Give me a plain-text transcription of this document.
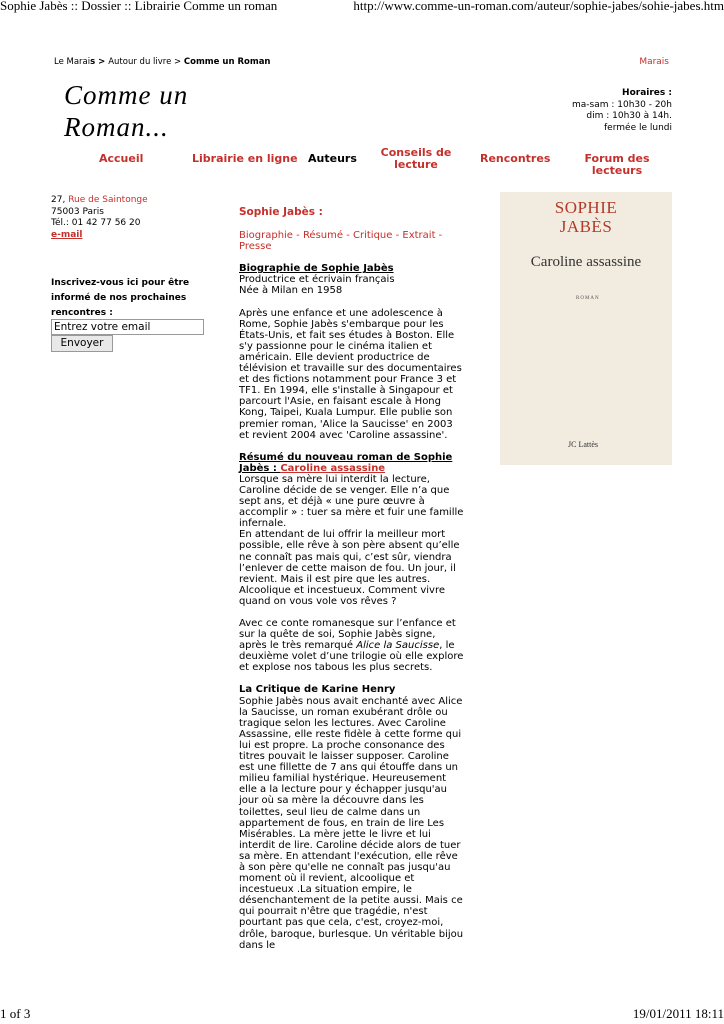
Sophie Jabès :: Dossier :: Librairie Comme un roman	http://www.comme-un-roman.com/auteur/sophie-jabes/sohie-jabes.htm
1 of 3	19/01/2011 18:11
Le Marais > Autour du livre > Comme un Roman	Marais
Comme un
Roman...
Horaires :
ma-sam : 10h30 - 20h
dim : 10h30 à 14h.
fermée le lundi
Accueil	Librairie en ligne Auteurs Conseils de
lecture	Rencontres	Forum des lecteurs
27, Rue de Saintonge
75003 Paris
Tél.: 01 42 77 56 20
e-mail
Inscrivez-vous ici pour être informé de nos prochaines rencontres :
Entrez votre email
Envoyer
Sophie Jabès :
Biographie - Résumé - Critique - Extrait - Presse

Biographie de Sophie Jabès

Productrice et écrivain français

Née à Milan en 1958

Après une enfance et une adolescence à Rome, Sophie Jabès s'embarque pour les États-Unis, et fait ses études à Boston. Elle s'y passionne pour le cinéma italien et américain. Elle devient productrice de télévision et travaille sur des documentaires et des fictions notamment pour France 3 et TF1. En 1994, elle s'installe à Singapour et parcourt l'Asie, en faisant escale à Hong Kong, Taipei, Kuala Lumpur. Elle publie son premier roman, 'Alice la Saucisse' en 2003 et revient 2004 avec 'Caroline assassine'.

Résumé du nouveau roman de Sophie Jabès : Caroline assassine

Lorsque sa mère lui interdit la lecture, Caroline décide de se venger. Elle n’a que sept ans, et déjà « une pure œuvre à accomplir » : tuer sa mère et fuir une famille infernale.

En attendant de lui offrir la meilleur mort possible, elle rêve à son père absent qu’elle ne connaît pas mais qui, c’est sûr, viendra l’enlever de cette maison de fou. Un jour, il revient. Mais il est pire que les autres. Alcoolique et incestueux. Comment vivre quand on vous vole vos rêves ?

Avec ce conte romanesque sur l’enfance et sur la quête de soi, Sophie Jabès signe, après le très remarqué Alice la Saucisse, le deuxième volet d’une trilogie où elle explore et explose nos tabous les plus secrets.

La Critique de Karine Henry

Sophie Jabès nous avait enchanté avec Alice la Saucisse, un roman exubérant drôle ou tragique selon les lectures. Avec Caroline Assassine, elle reste fidèle à cette forme qui lui est propre. La proche consonance des titres pouvait le laisser supposer. Caroline est une fillette de 7 ans qui étouffe dans un milieu familial hystérique. Heureusement elle a la lecture pour y échapper jusqu'au jour où sa mère la découvre dans les toilettes, seul lieu de calme dans un appartement de fous, en train de lire Les Misérables. La mère jette le livre et lui interdit de lire. Caroline décide alors de tuer sa mère. En attendant l'exécution, elle rêve à son père qu'elle ne connaît pas jusqu'au moment où il revient, alcoolique et incestueux .La situation empire, le désenchantement de la petite aussi. Mais ce qui pourrait n'être que tragédie, n'est pourtant pas que cela, c'est, croyez-moi, drôle, baroque, burlesque. Un véritable bijou dans le

SOPHIE
JABÈS
Caroline assassine
ROMAN
JC Lattès
